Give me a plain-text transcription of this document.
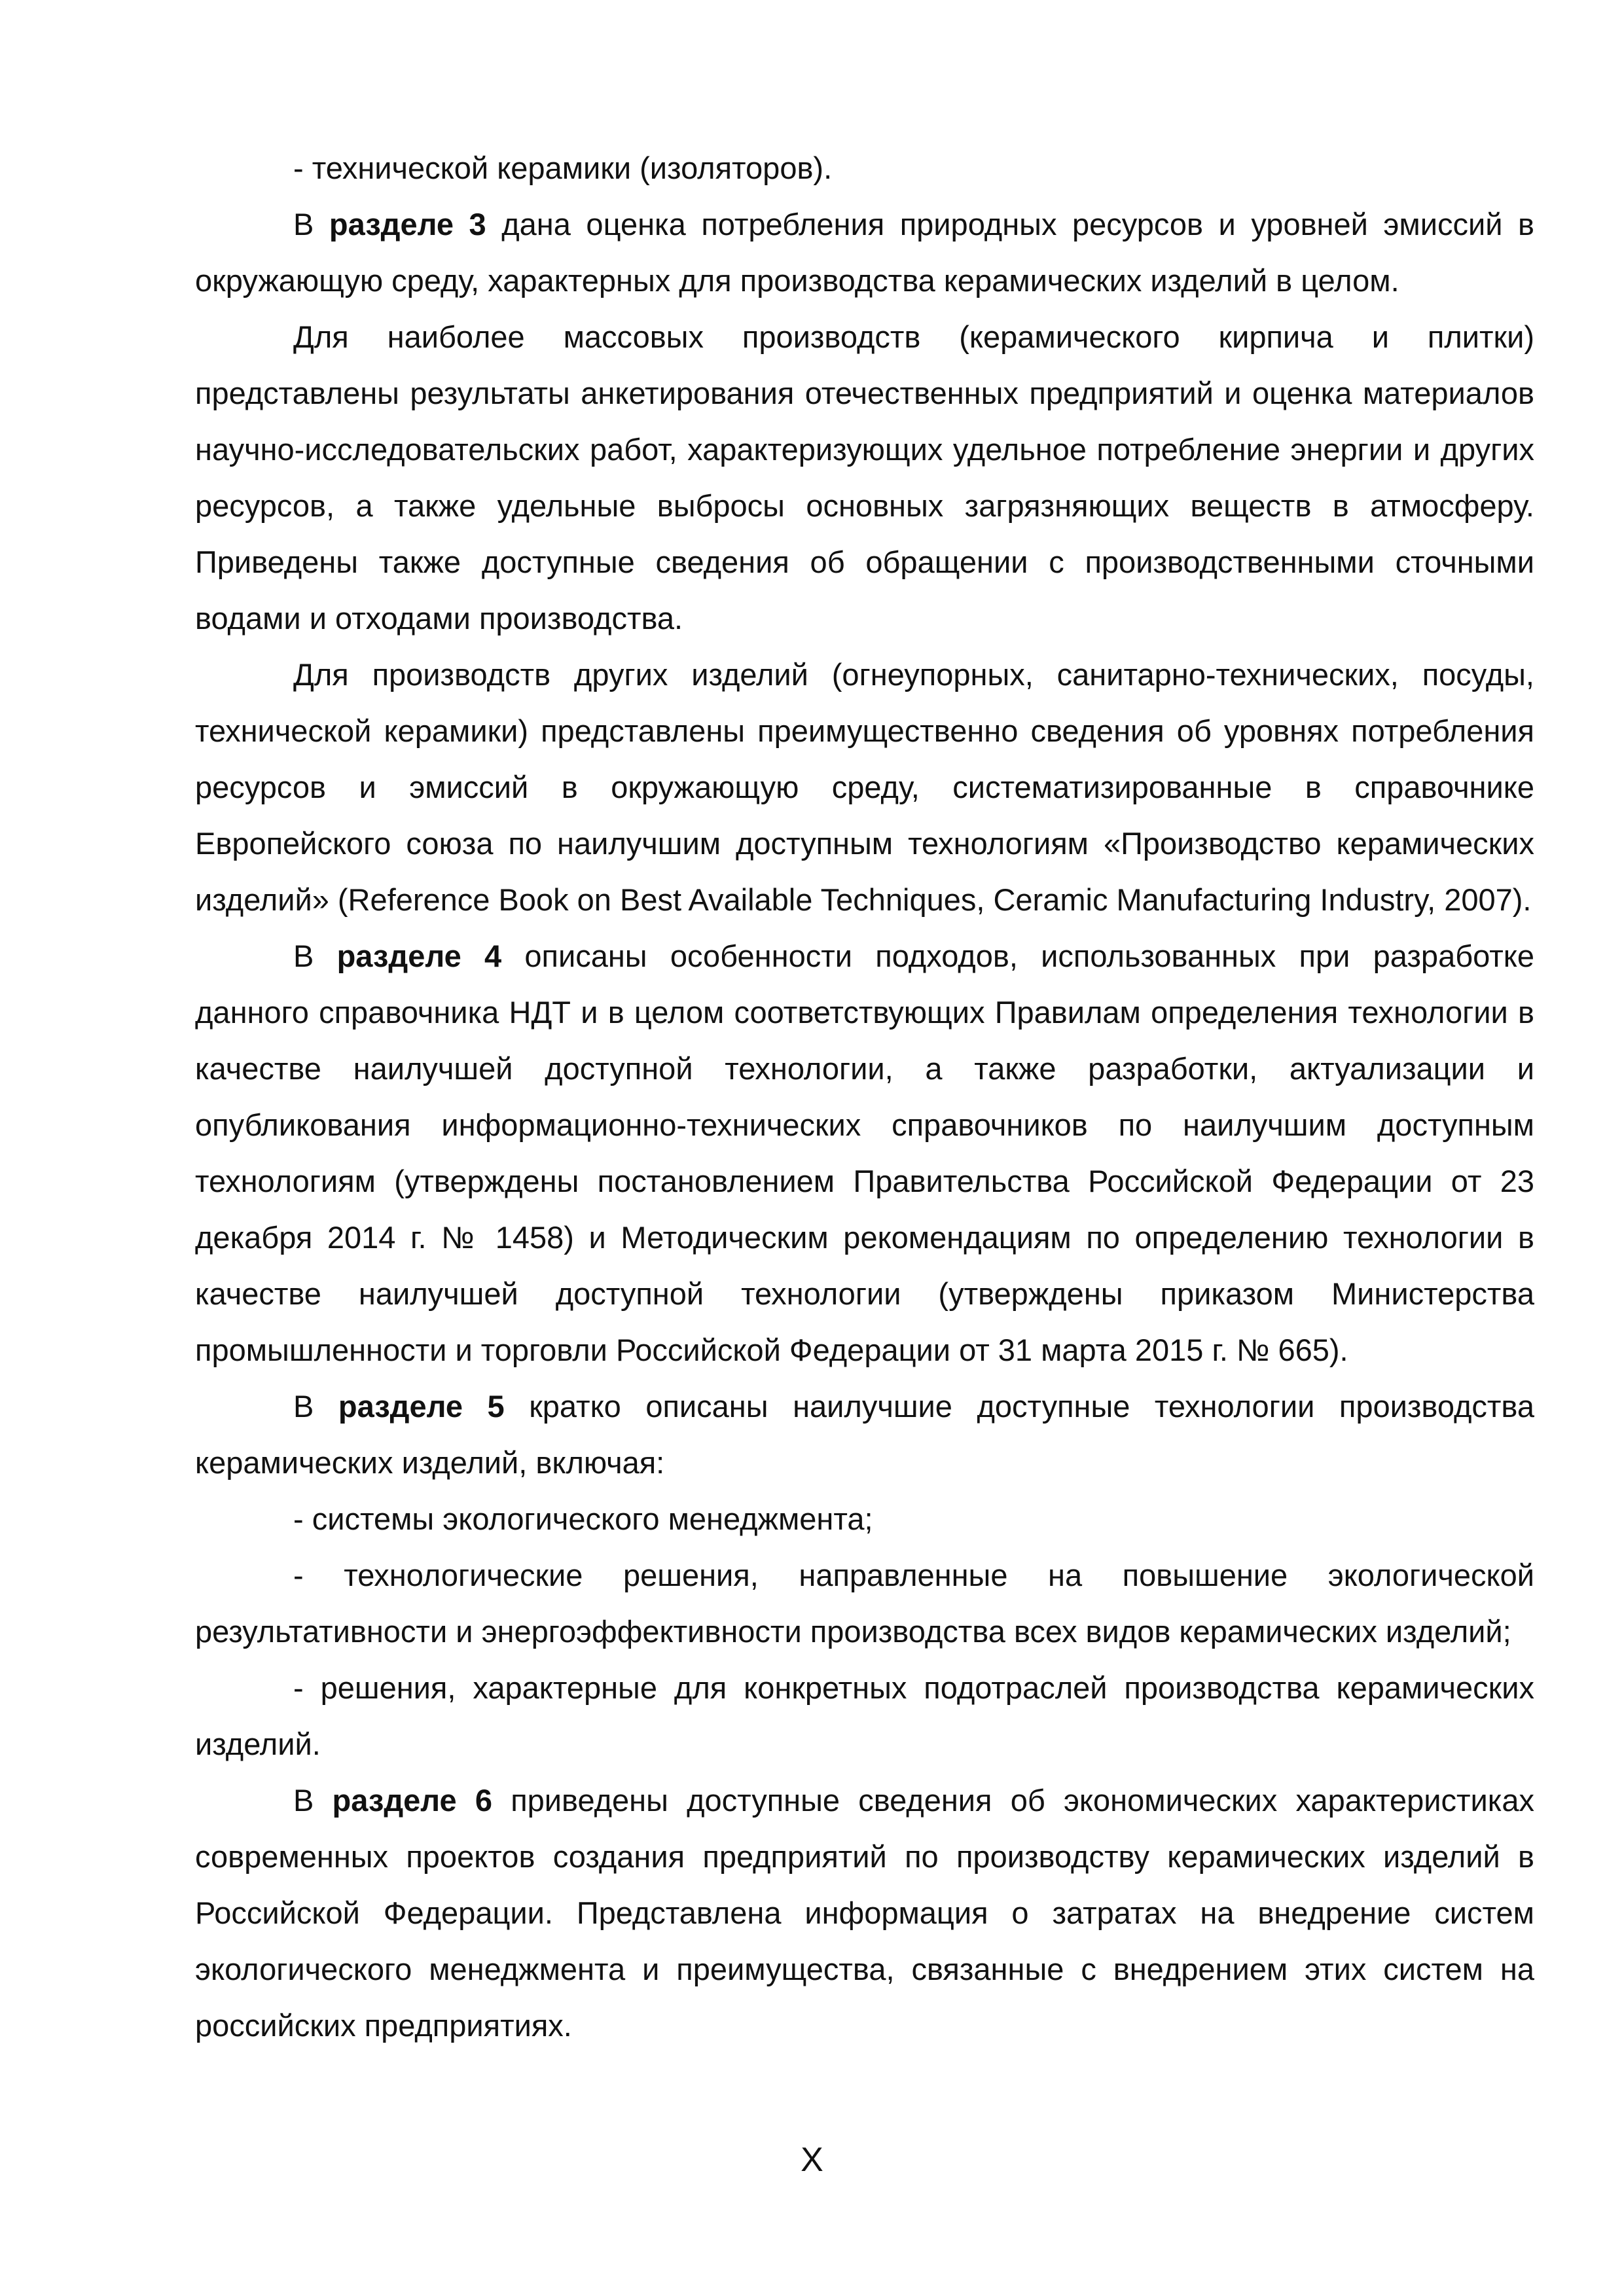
- технической керамики (изоляторов).

В разделе 3 дана оценка потребления природных ресурсов и уровней эмиссий в окружающую среду, характерных для производства керамических изделий в целом.

Для наиболее массовых производств (керамического кирпича и плитки) представлены результаты анкетирования отечественных предприятий и оценка материалов научно-исследовательских работ, характеризующих удельное потребление энергии и других ресурсов, а также удельные выбросы основных загрязняющих веществ в атмосферу. Приведены также доступные сведения об обращении с производственными сточными водами и отходами производства.

Для производств других изделий (огнеупорных, санитарно-технических, посуды, технической керамики) представлены преимущественно сведения об уровнях потребления ресурсов и эмиссий в окружающую среду, систематизированные в справочнике Европейского союза по наилучшим доступным технологиям «Производство керамических изделий» (Reference Book on Best Available Techniques, Ceramic Manufacturing Industry, 2007).

В разделе 4 описаны особенности подходов, использованных при разработке данного справочника НДТ и в целом соответствующих Правилам определения технологии в качестве наилучшей доступной технологии, а также разработки, актуализации и опубликования информационно-технических справочников по наилучшим доступным технологиям (утверждены постановлением Правительства Российской Федерации от 23 декабря 2014 г. № 1458) и Методическим рекомендациям по определению технологии в качестве наилучшей доступной технологии (утверждены приказом Министерства промышленности и торговли Российской Федерации от 31 марта 2015 г. № 665).

В разделе 5 кратко описаны наилучшие доступные технологии производства керамических изделий, включая:

- системы экологического менеджмента;

- технологические решения, направленные на повышение экологической результативности и энергоэффективности производства всех видов керамических изделий;

- решения, характерные для конкретных подотраслей производства керамических изделий.

В разделе 6 приведены доступные сведения об экономических характеристиках современных проектов создания предприятий по производству керамических изделий в Российской Федерации. Представлена информация о затратах на внедрение систем экологического менеджмента и преимущества, связанные с внедрением этих систем на российских предприятиях.

X
